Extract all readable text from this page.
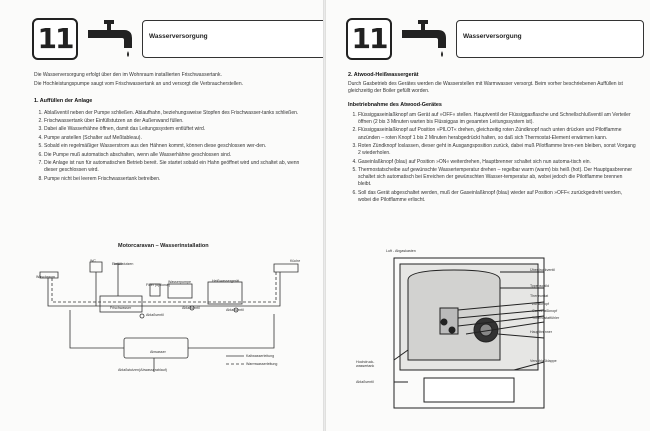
11	Wasserversorgung
Die Wasserversorgung erfolgt über den im Wohnraum installierten Frischwassertank.
Die Hochleistungspumpe saugt vom Frischwassertank an und versorgt die Verbraucherstellen.
1. Auffüllen der Anlage
1. Ablaßventil neben der Pumpe schließen. Ablaufhahn, beziehungsweise Stopfen des Frischwasser-tanks schließen.
2. Frischwassertank über Einfüllstutzen an der Außenwand füllen.
3. Dabei alle Wasserhähne öffnen, damit das Leitungssystem entlüftet wird.
4. Pumpe anstellen (Schalter auf Meßtableau).
5. Sobald ein regelmäßiger Wasserstrom aus den Hähnen kommt, können diese geschlossen wer-den.
6. Die Pumpe muß automatisch abschalten, wenn alle Wasserhähne geschlossen sind.
7. Die Anlage ist nun für automatischen Betrieb bereit. Sie startet sobald ein Hahn geöffnet wird und schaltet ab, wenn dieser geschlossen wird.
8. Pumpe nicht bei leerem Frischwassertank betreiben.
Motorcaravan – Wasserinstallation
Waschraum
WC
Einfüllstutzen
Filter (optional)
Wasserpumpe	Heißwassergerät
Frischwasser
Ablaßventil
Ablaßventil	Ablaßventil
Abwasser
Küche
Ablaßstutzen(Abwasserablauf)
Kaltwasserleitung
Warmwasserleitung
11	Wasserversorgung
2. Atwood-Heißwassergerät
Durch Gasbetrieb des Gerätes werden die Wasserstellen mit Warmwasser versorgt. Beim vorher beschriebenen Auffüllen ist gleichzeitig der Boiler gefüllt worden.
Inbetriebnahme des Atwood-Gerätes
1. Flüssiggaseinlaßknopf am Gerät auf »OFF« stellen. Hauptventil der Flüssiggasflasche und Schnellschlußventil am Verteiler öffnen (2 bis 3 Minuten warten bis Flüssiggas im gesamten Leitungssystem ist).
2. Flüssiggaseinlaßknopf auf Position »PILOT« drehen, gleichzeitig roten Zündknopf nach unten drücken und Pilotflamme anzünden – roten Knopf 1 bis 2 Minuten herabgedrückt halten, so daß sich Thermostat-Element erwärmen kann.
3. Roten Zündknopf loslassen, dieser geht in Ausgangsposition zurück, dabei muß Pilotflamme bren-nen bleiben, sonst Vorgang 2 wiederholen.
4. Gaseinlaßknopf (blau) auf Position »ON« weiterdrehen, Hauptbrenner schaltet sich nun automa-tisch ein.
5. Thermostatscheibe auf gewünschte Wassertemperatur drehen – regelbar warm (warm) bis heiß (hot). Der Hauptgasbrenner schaltet sich automatisch bei Erreichen der gewünschten Wasser-temperatur ab, wobei jedoch die Pilotflamme brennen bleibt.
6. Soll das Gerät abgeschaltet werden, muß der Gaseinlaßknopf (blau) wieder auf Position »OFF« zurückgedreht werden, wobei die Pilotflamme erlischt.
Luft - Abgaskasten
Überdruckventil
Typenschild
Thermostat
Zündknopf
Gaseinlaßknopf
Thermostatfühler
Hauptbrenner
Verschlußklappe
Hochdruck-
wassertank
Ablaßventil
